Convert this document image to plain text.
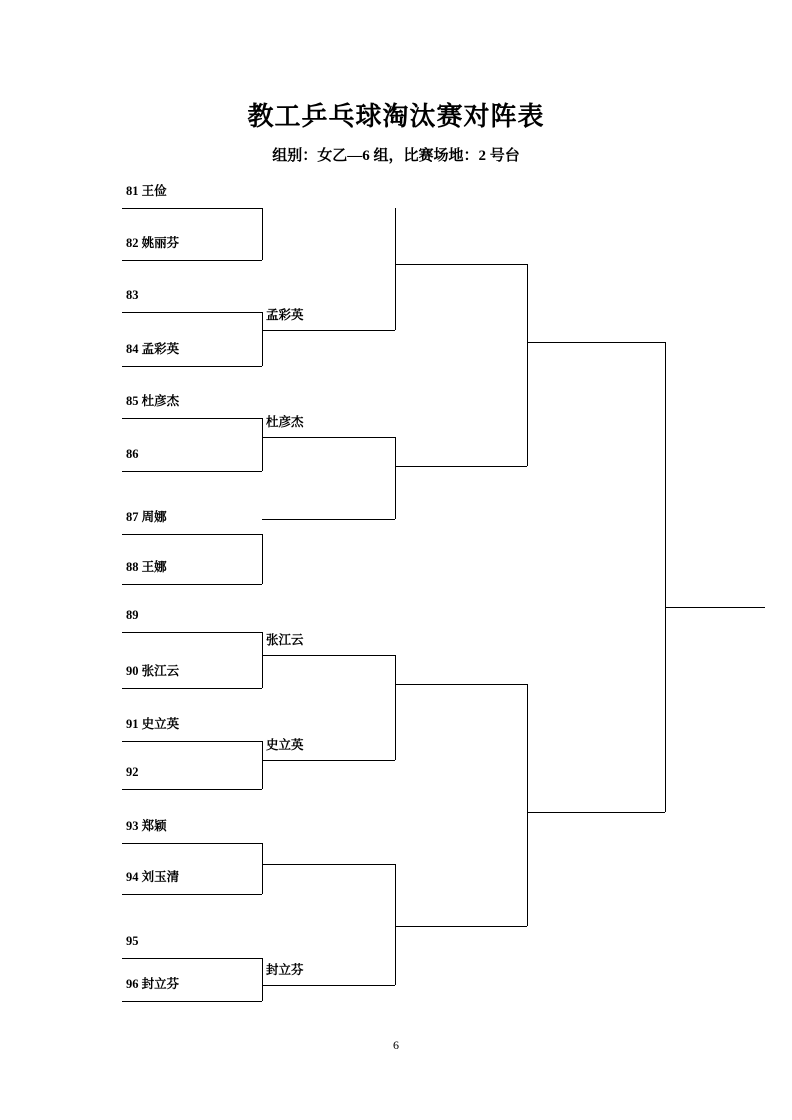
教工乒乓球淘汰赛对阵表
组别：女乙—6 组，比赛场地：2 号台
81 王俭
82 姚丽芬
83
84 孟彩英
85 杜彦杰
86
87 周娜
88 王娜
89
90 张江云
91 史立英
92
93 郑颖
94 刘玉清
95
96 封立芬
孟彩英
杜彦杰
张江云
史立英
封立芬
6
